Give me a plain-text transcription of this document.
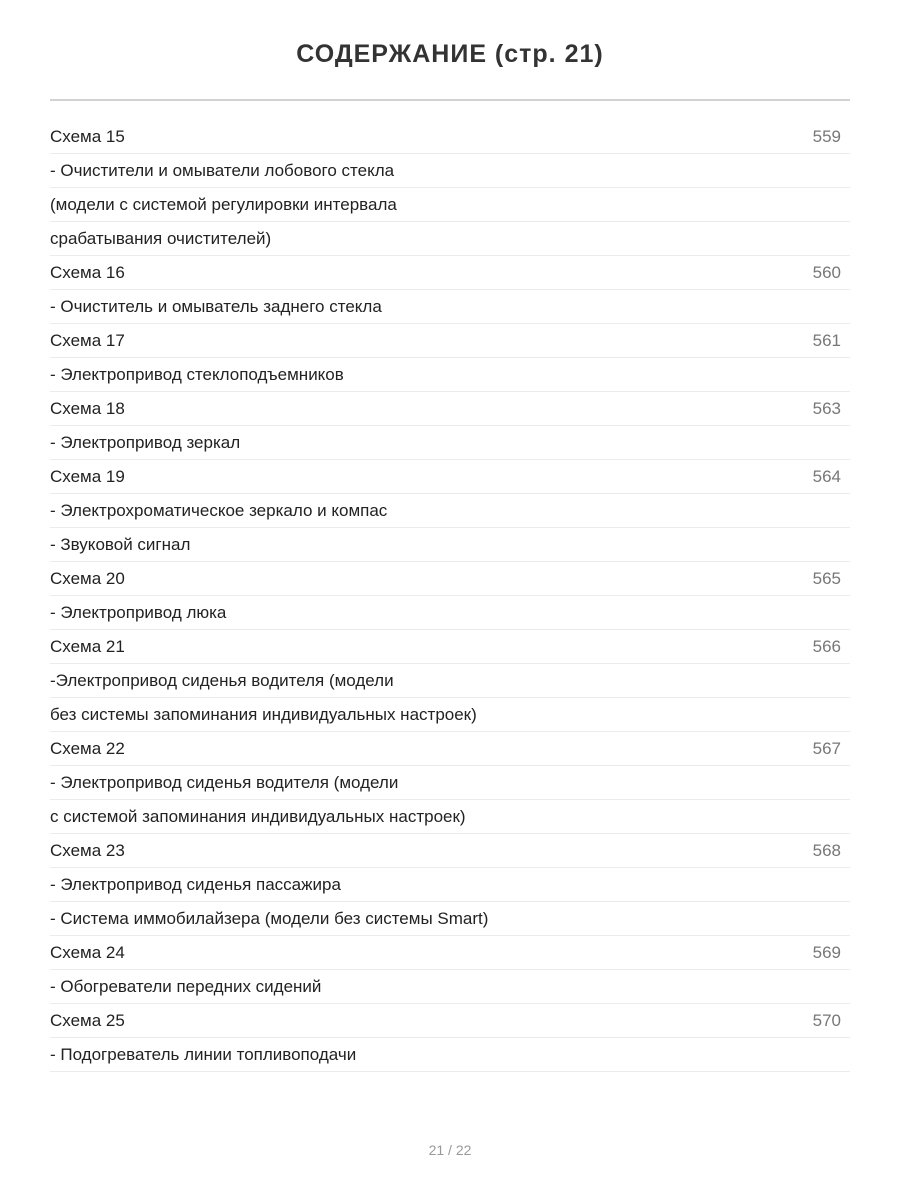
СОДЕРЖАНИЕ (стр. 21)
Схема 15	559
- Очистители и омыватели лобового стекла
(модели с системой регулировки интервала
срабатывания очистителей)
Схема 16	560
- Очиститель и омыватель заднего стекла
Схема 17	561
- Электропривод стеклоподъемников
Схема 18	563
- Электропривод зеркал
Схема 19	564
- Электрохроматическое зеркало и компас
- Звуковой сигнал
Схема 20	565
- Электропривод люка
Схема 21	566
-Электропривод сиденья водителя (модели
без системы запоминания индивидуальных настроек)
Схема 22	567
- Электропривод сиденья водителя (модели
с системой запоминания индивидуальных настроек)
Схема 23	568
- Электропривод сиденья пассажира
- Система иммобилайзера (модели без системы Smart)
Схема 24	569
- Обогреватели передних сидений
Схема 25	570
- Подогреватель линии топливоподачи
21 / 22
